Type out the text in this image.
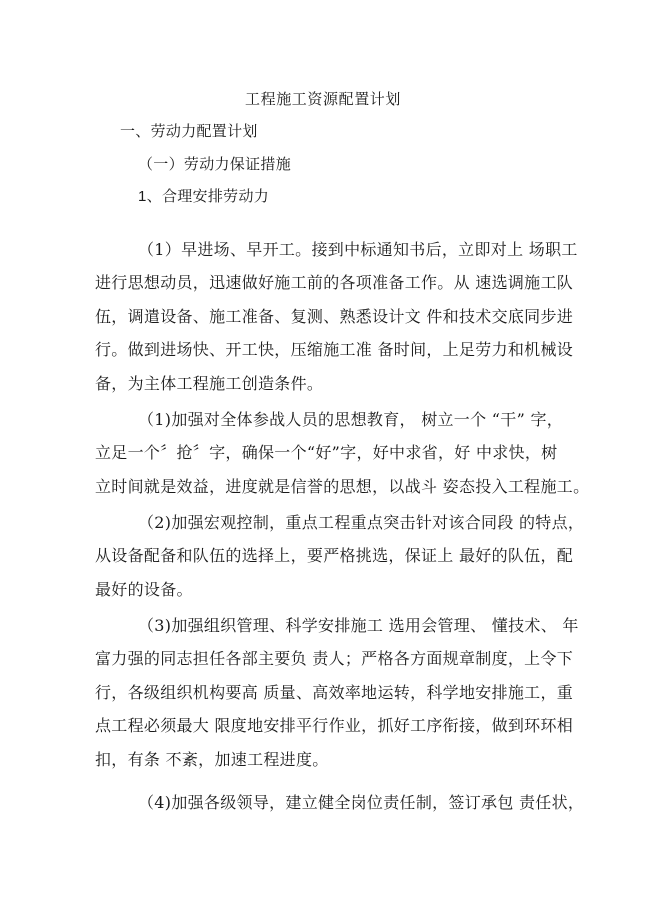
工程施工资源配置计划
一、劳动力配置计划
（一）劳动力保证措施
1、合理安排劳动力
（1）早进场、早开工。接到中标通知书后，立即对上 场职工
进行思想动员，迅速做好施工前的各项准备工作。从 速选调施工队
伍，调遣设备、施工准备、复测、熟悉设计文 件和技术交底同步进
行。做到进场快、开工快，压缩施工准 备时间，上足劳力和机械设
备，为主体工程施工创造条件。
（1)加强对全体参战人员的思想教育， 树立一个 “干” 字，
立足一个〞抢〞字，确保一个“好”字，好中求省，好 中求快，树
立时间就是效益，进度就是信誉的思想，以战斗 姿态投入工程施工。
（2)加强宏观控制，重点工程重点突击针对该合同段 的特点，
从设备配备和队伍的选择上，要严格挑选，保证上 最好的队伍，配
最好的设备。
（3)加强组织管理、科学安排施工 选用会管理、 懂技术、 年
富力强的同志担任各部主要负 责人；严格各方面规章制度，上令下
行，各级组织机构要高 质量、高效率地运转，科学地安排施工，重
点工程必须最大 限度地安排平行作业，抓好工序衔接，做到环环相
扣，有条 不紊，加速工程进度。
（4)加强各级领导，建立健全岗位责任制，签订承包 责任状，
